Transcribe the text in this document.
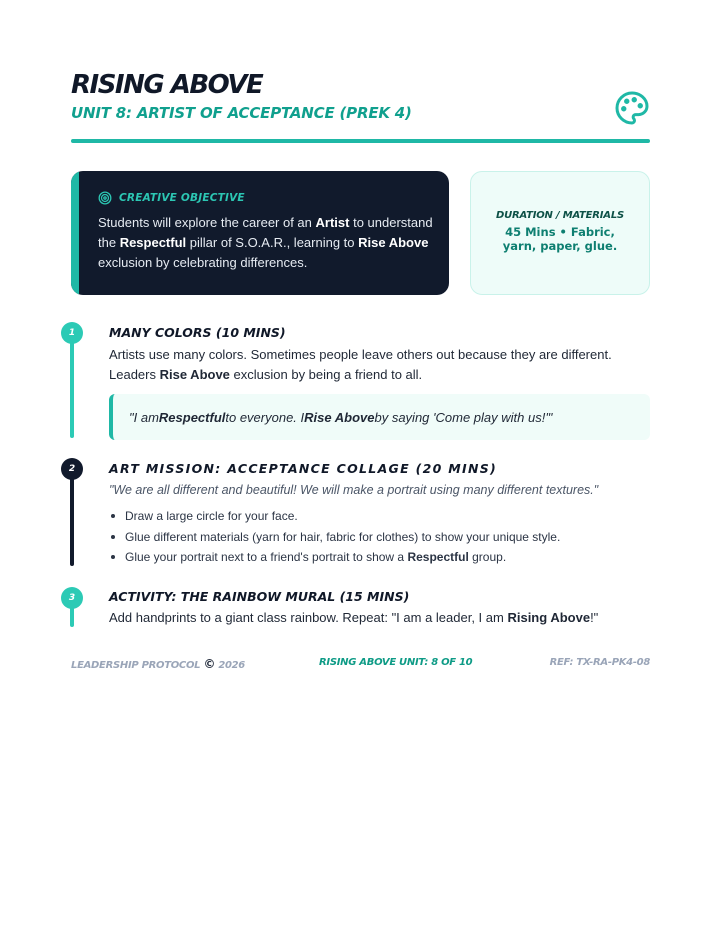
RISING ABOVE
UNIT 8: ARTIST OF ACCEPTANCE (PREK 4)
CREATIVE OBJECTIVE

Students will explore the career of an Artist to understand the Respectful pillar of S.O.A.R., learning to Rise Above exclusion by celebrating differences.

DURATION / MATERIALS
45 Mins • Fabric, yarn, paper, glue.
1	MANY COLORS (10 MINS)

Artists use many colors. Sometimes people leave others out because they are different. Leaders Rise Above exclusion by being a friend to all.

"I am Respectful to everyone. I Rise Above by saying 'Come play with us!'"
2	ART MISSION: ACCEPTANCE COLLAGE (20 MINS)

"We are all different and beautiful! We will make a portrait using many different textures."

Draw a large circle for your face.
Glue different materials (yarn for hair, fabric for clothes) to show your unique style.
Glue your portrait next to a friend's portrait to show a Respectful group.
3	ACTIVITY: THE RAINBOW MURAL (15 MINS)

Add handprints to a giant class rainbow. Repeat: "I am a leader, I am Rising Above!"

LEADERSHIP PROTOCOL © 2026	RISING ABOVE UNIT: 8 OF 10	REF: TX-RA-PK4-08
